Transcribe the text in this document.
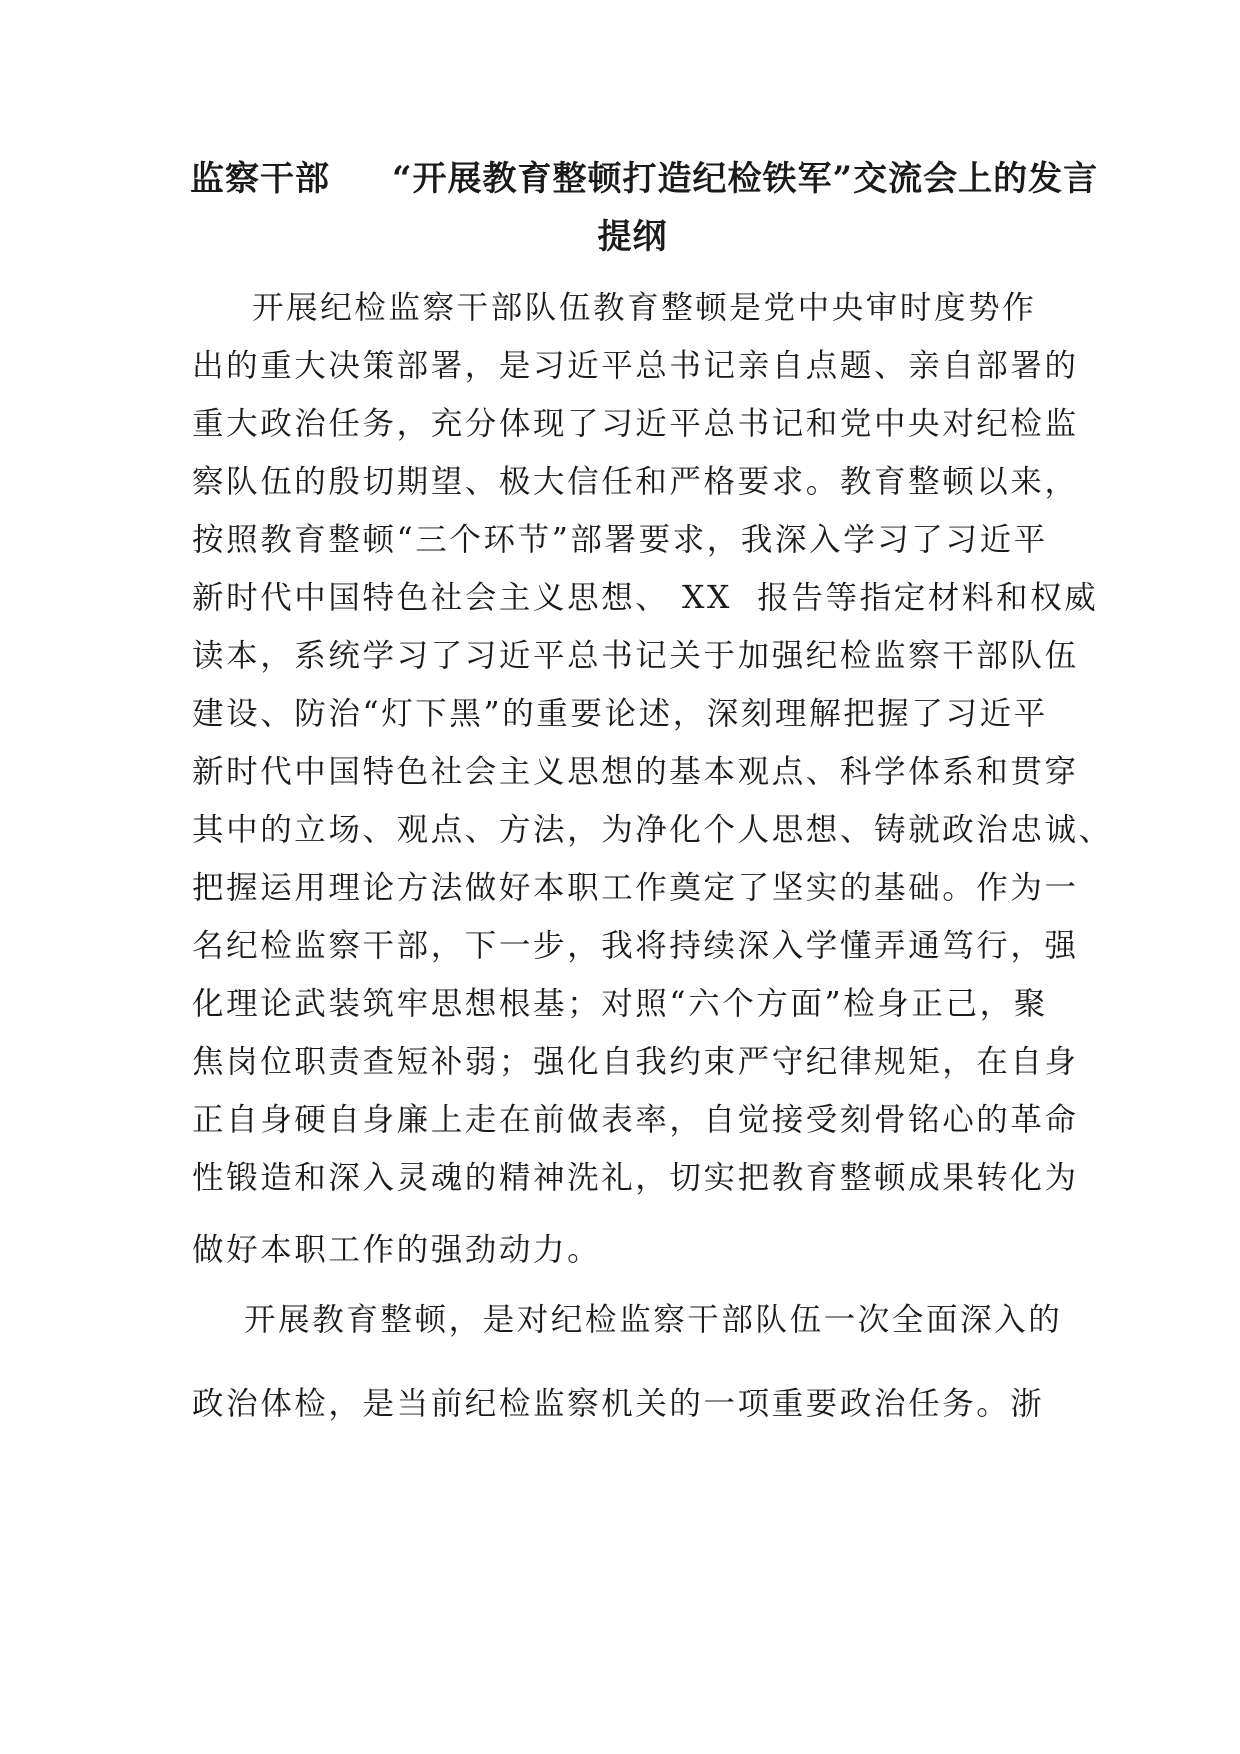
监察干部 “开展教育整顿打造纪检铁军”交流会上的发言
提纲
开展纪检监察干部队伍教育整顿是党中央审时度势作
出的重大决策部署，是习近平总书记亲自点题、亲自部署的
重大政治任务，充分体现了习近平总书记和党中央对纪检监
察队伍的殷切期望、极大信任和严格要求。教育整顿以来，
按照教育整顿“三个环节”部署要求，我深入学习了习近平
新时代中国特色社会主义思想、 XX  报告等指定材料和权威
读本，系统学习了习近平总书记关于加强纪检监察干部队伍
建设、防治“灯下黑”的重要论述，深刻理解把握了习近平
新时代中国特色社会主义思想的基本观点、科学体系和贯穿
其中的立场、观点、方法，为净化个人思想、铸就政治忠诚、
把握运用理论方法做好本职工作奠定了坚实的基础。作为一
名纪检监察干部，下一步，我将持续深入学懂弄通笃行，强
化理论武装筑牢思想根基；对照“六个方面”检身正己，聚
焦岗位职责查短补弱；强化自我约束严守纪律规矩，在自身
正自身硬自身廉上走在前做表率，自觉接受刻骨铭心的革命
性锻造和深入灵魂的精神洗礼，切实把教育整顿成果转化为
做好本职工作的强劲动力。
开展教育整顿，是对纪检监察干部队伍一次全面深入的
政治体检，是当前纪检监察机关的一项重要政治任务。浙
